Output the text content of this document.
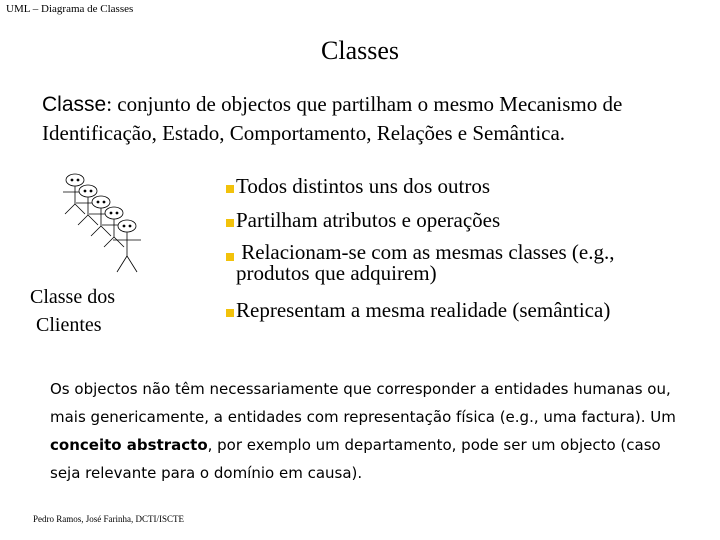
UML – Diagrama de Classes
Classes
Classe: conjunto de objectos que partilham o mesmo Mecanismo de Identificação, Estado, Comportamento, Relações e Semântica.
Classe dos
Clientes
Todos distintos uns dos outros
Partilham atributos e operações
Relacionam-se com as mesmas classes (e.g., produtos que adquirem)
Representam a mesma realidade (semântica)
Os objectos não têm necessariamente que corresponder a entidades humanas ou, mais genericamente, a entidades com representação física (e.g., uma factura). Um conceito abstracto, por exemplo um departamento, pode ser um objecto (caso seja relevante para o domínio em causa).
Pedro Ramos, José Farinha, DCTI/ISCTE
